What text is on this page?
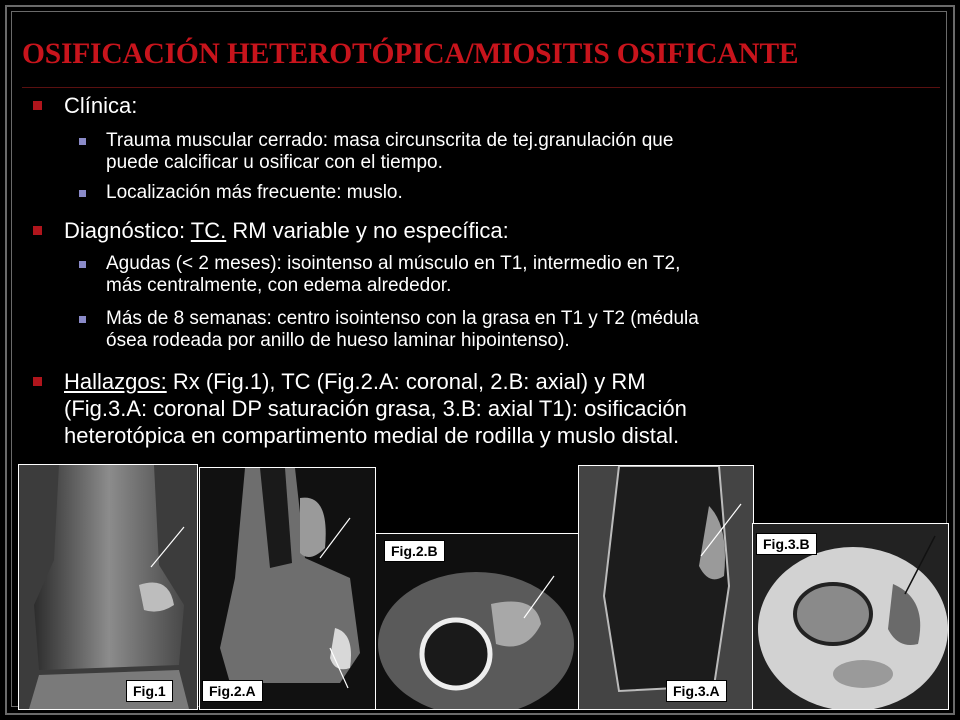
OSIFICACIÓN HETEROTÓPICA/MIOSITIS OSIFICANTE
Clínica:
Trauma muscular cerrado: masa circunscrita de tej.granulación que
puede calcificar u osificar con el tiempo.
Localización más frecuente: muslo.
Diagnóstico: TC. RM variable y no específica:
Agudas (< 2 meses): isointenso al músculo en T1, intermedio en T2,
más centralmente, con edema alrededor.
Más de 8 semanas: centro isointenso con la grasa en T1 y T2 (médula
ósea rodeada por anillo de hueso laminar hipointenso).
Hallazgos: Rx (Fig.1), TC (Fig.2.A: coronal, 2.B: axial) y RM
(Fig.3.A: coronal DP saturación grasa, 3.B: axial T1): osificación
heterotópica en compartimento medial de rodilla y muslo distal.
Fig.1	Fig.2.A
Fig.2.B
Fig.3.A
Fig.3.B
